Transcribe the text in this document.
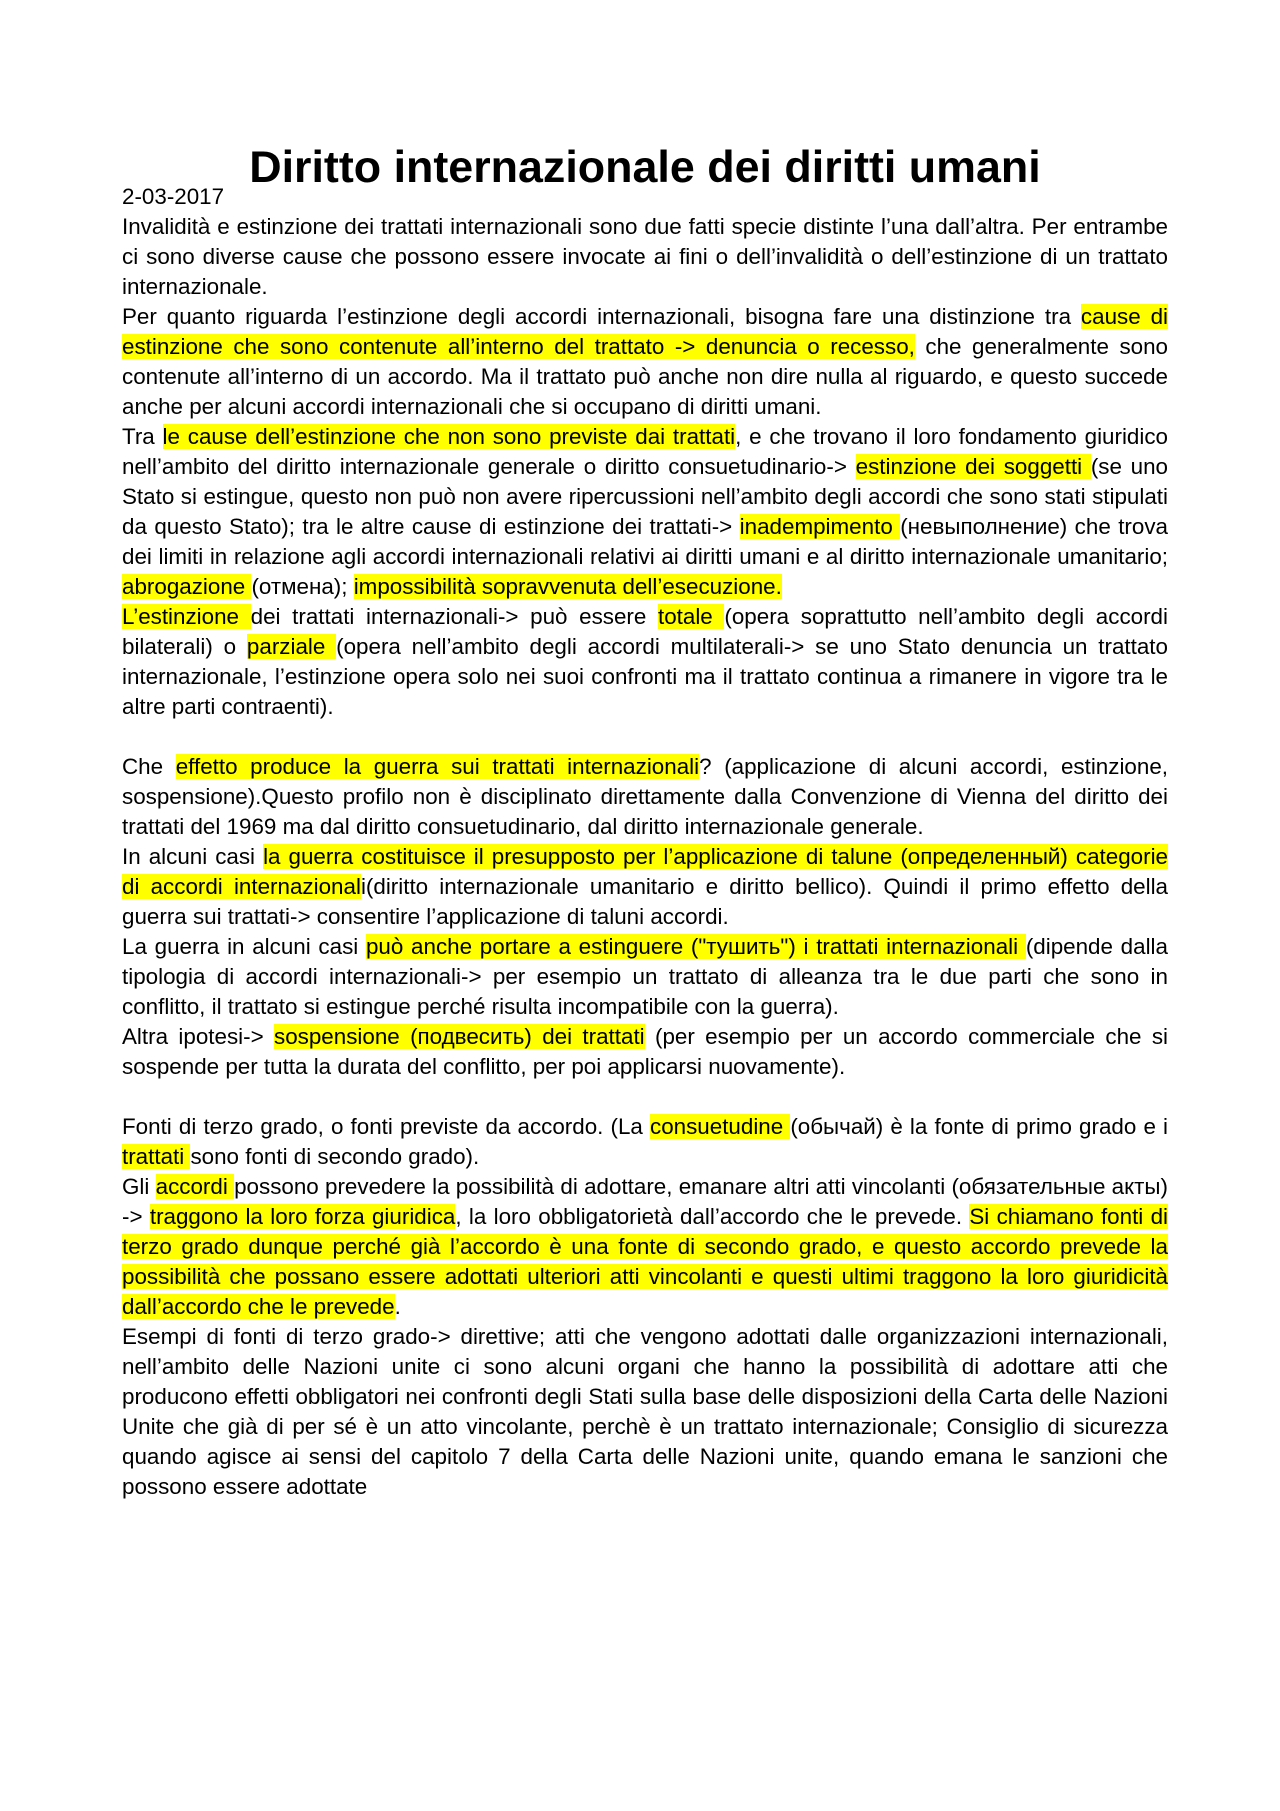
Diritto internazionale dei diritti umani
2-03-2017

Invalidità e estinzione dei trattati internazionali sono due fatti specie distinte l’una dall’altra. Per entrambe ci sono diverse cause che possono essere invocate ai fini o dell’invalidità o dell’estinzione di un trattato internazionale.

Per quanto riguarda l’estinzione degli accordi internazionali, bisogna fare una distinzione tra cause di estinzione che sono contenute all’interno del trattato -> denuncia o recesso, che generalmente sono contenute all’interno di un accordo. Ma il trattato può anche non dire nulla al riguardo, e questo succede anche per alcuni accordi internazionali che si occupano di diritti umani.

Tra le cause dell’estinzione che non sono previste dai trattati, e che trovano il loro fondamento giuridico nell’ambito del diritto internazionale generale o diritto consuetudinario-> estinzione dei soggetti (se uno Stato si estingue, questo non può non avere ripercussioni nell’ambito degli accordi che sono stati stipulati da questo Stato); tra le altre cause di estinzione dei trattati-> inadempimento (невыполнение) che trova dei limiti in relazione agli accordi internazionali relativi ai diritti umani e al diritto internazionale umanitario; abrogazione (отмена); impossibilità sopravvenuta dell’esecuzione.

L’estinzione dei trattati internazionali-> può essere totale (opera soprattutto nell’ambito degli accordi bilaterali) o parziale (opera nell’ambito degli accordi multilaterali-> se uno Stato denuncia un trattato internazionale, l’estinzione opera solo nei suoi confronti ma il trattato continua a rimanere in vigore tra le altre parti contraenti).

Che effetto produce la guerra sui trattati internazionali? (applicazione di alcuni accordi, estinzione, sospensione).Questo profilo non è disciplinato direttamente dalla Convenzione di Vienna del diritto dei trattati del 1969 ma dal diritto consuetudinario, dal diritto internazionale generale.

In alcuni casi la guerra costituisce il presupposto per l’applicazione di talune (определенный) categorie di accordi internazionali(diritto internazionale umanitario e diritto bellico). Quindi il primo effetto della guerra sui trattati-> consentire l’applicazione di taluni accordi.

La guerra in alcuni casi può anche portare a estinguere ("тушить") i trattati internazionali (dipende dalla tipologia di accordi internazionali-> per esempio un trattato di alleanza tra le due parti che sono in conflitto, il trattato si estingue perché risulta incompatibile con la guerra).

Altra ipotesi-> sospensione (подвесить) dei trattati (per esempio per un accordo commerciale che si sospende per tutta la durata del conflitto, per poi applicarsi nuovamente).

Fonti di terzo grado, o fonti previste da accordo. (La consuetudine (обычай) è la fonte di primo grado e i trattati sono fonti di secondo grado).

Gli accordi possono prevedere la possibilità di adottare, emanare altri atti vincolanti (обязательные акты) -> traggono la loro forza giuridica, la loro obbligatorietà dall’accordo che le prevede. Si chiamano fonti di terzo grado dunque perché già l’accordo è una fonte di secondo grado, e questo accordo prevede la possibilità che possano essere adottati ulteriori atti vincolanti e questi ultimi traggono la loro giuridicità dall’accordo che le prevede.

Esempi di fonti di terzo grado-> direttive; atti che vengono adottati dalle organizzazioni internazionali, nell’ambito delle Nazioni unite ci sono alcuni organi che hanno la possibilità di adottare atti che producono effetti obbligatori nei confronti degli Stati sulla base delle disposizioni della Carta delle Nazioni Unite che già di per sé è un atto vincolante, perchè è un trattato internazionale; Consiglio di sicurezza quando agisce ai sensi del capitolo 7 della Carta delle Nazioni unite, quando emana le sanzioni che possono essere adottate
